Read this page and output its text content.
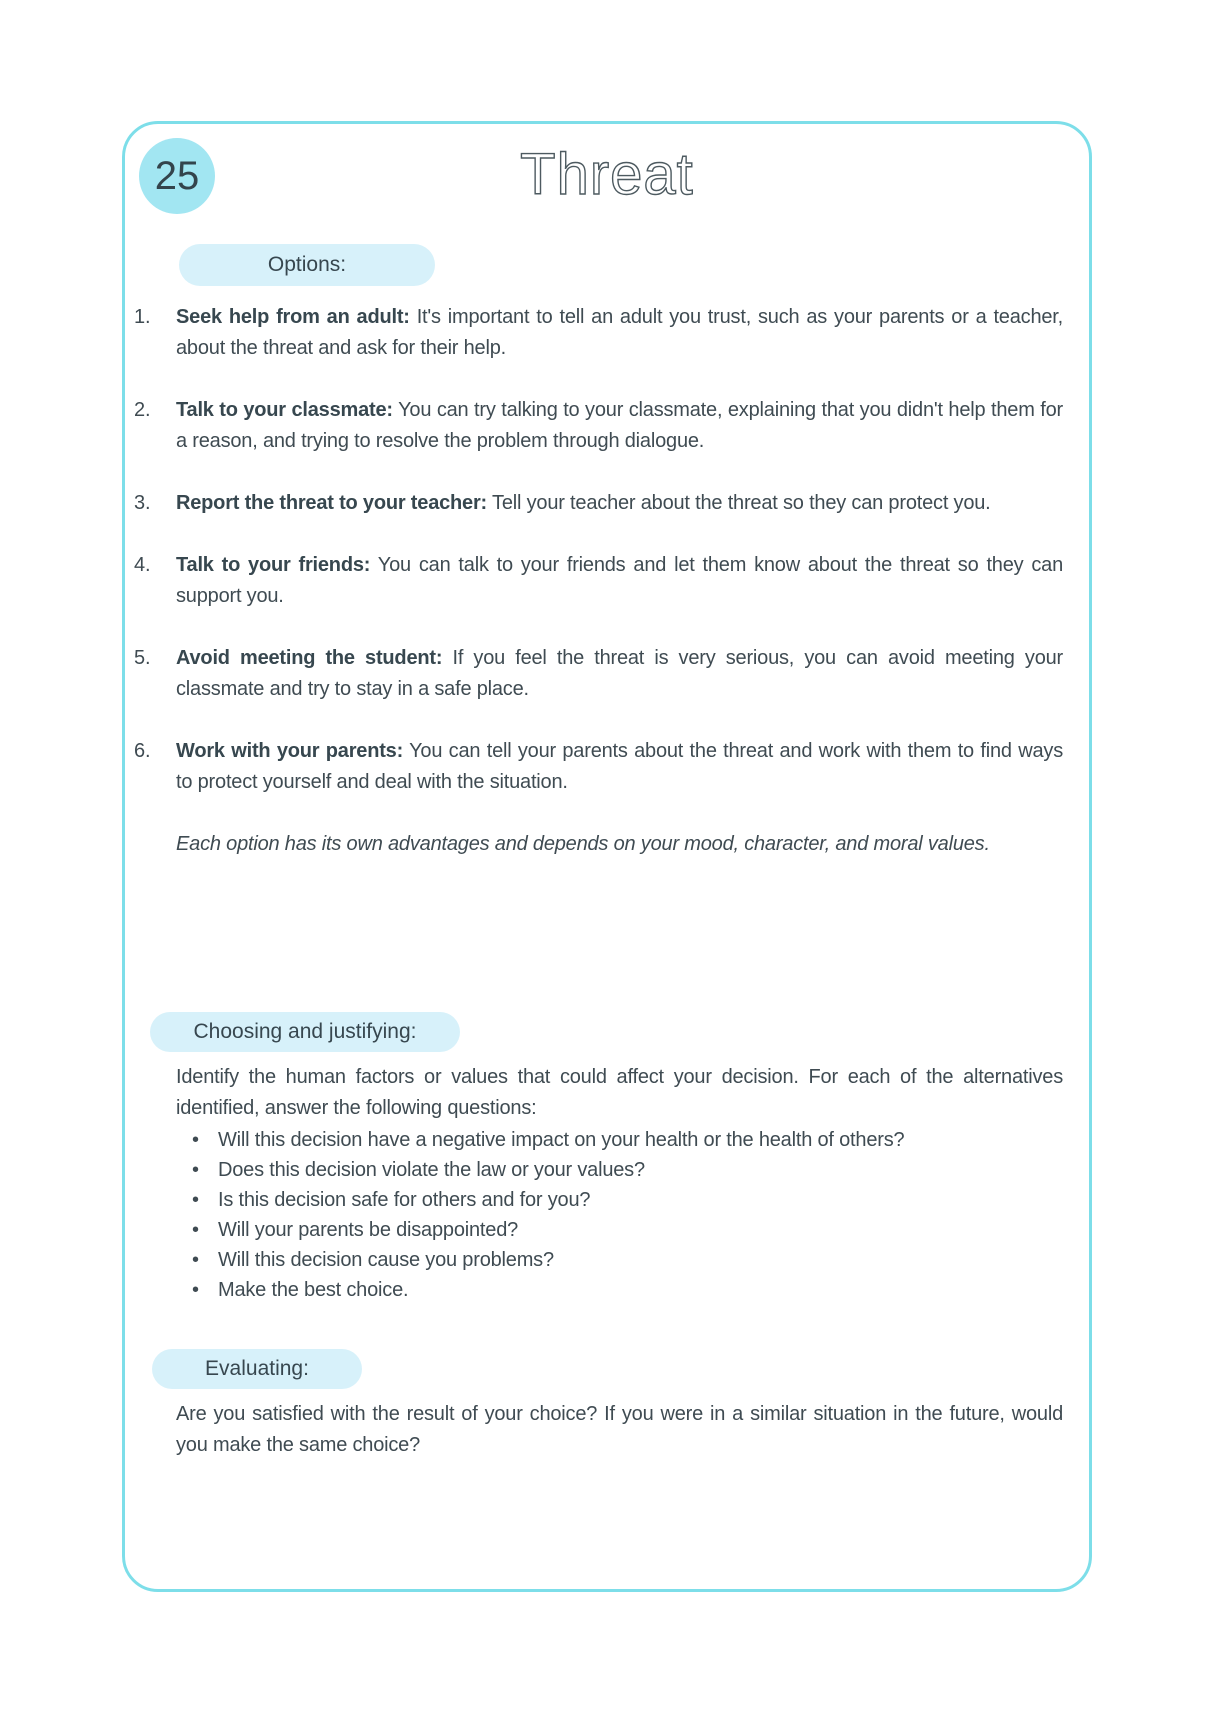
25	Threat
Options:
Seek help from an adult: It's important to tell an adult you trust, such as your parents or a teacher, about the threat and ask for their help.
Talk to your classmate: You can try talking to your classmate, explaining that you didn't help them for a reason, and trying to resolve the problem through dialogue.
Report the threat to your teacher: Tell your teacher about the threat so they can protect you.
Talk to your friends: You can talk to your friends and let them know about the threat so they can support you.
Avoid meeting the student: If you feel the threat is very serious, you can avoid meeting your classmate and try to stay in a safe place.
Work with your parents: You can tell your parents about the threat and work with them to find ways to protect yourself and deal with the situation.

Each option has its own advantages and depends on your mood, character, and moral values.

Choosing and justifying:

Identify the human factors or values that could affect your decision. For each of the alternatives identified, answer the following questions:

• Will this decision have a negative impact on your health or the health of others?
• Does this decision violate the law or your values?
• Is this decision safe for others and for you?
• Will your parents be disappointed?
• Will this decision cause you problems?
• Make the best choice.
Evaluating:

Are you satisfied with the result of your choice? If you were in a similar situation in the future, would you make the same choice?
